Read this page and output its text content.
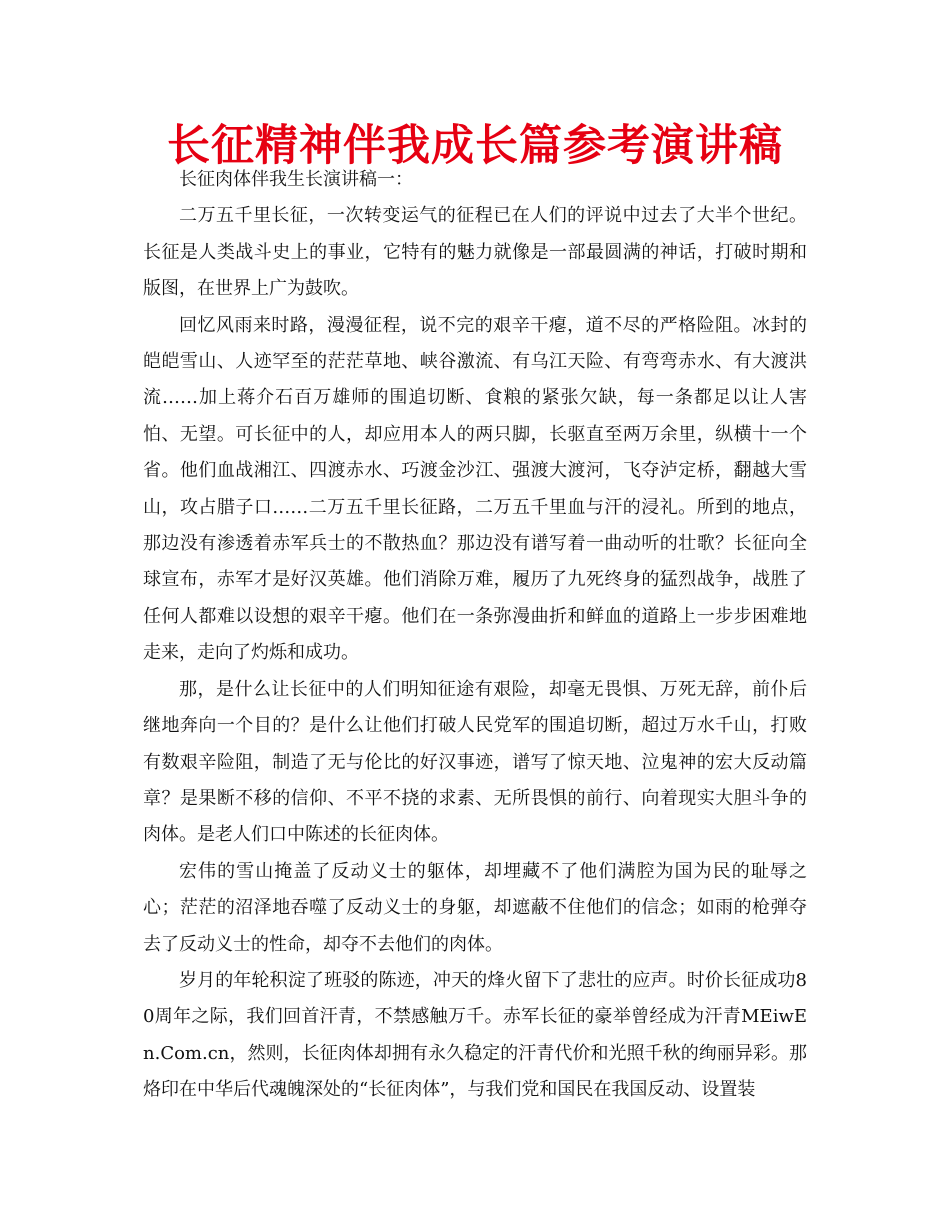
长征精神伴我成长篇参考演讲稿

长征肉体伴我生长演讲稿一：

二万五千里长征，一次转变运气的征程已在人们的评说中过去了大半个世纪。长征是人类战斗史上的事业，它特有的魅力就像是一部最圆满的神话，打破时期和版图，在世界上广为鼓吹。

回忆风雨来时路，漫漫征程，说不完的艰辛干瘪，道不尽的严格险阻。冰封的皑皑雪山、人迹罕至的茫茫草地、峡谷激流、有乌江天险、有弯弯赤水、有大渡洪流……加上蒋介石百万雄师的围追切断、食粮的紧张欠缺，每一条都足以让人害怕、无望。可长征中的人，却应用本人的两只脚，长驱直至两万余里，纵横十一个省。他们血战湘江、四渡赤水、巧渡金沙江、强渡大渡河，飞夺泸定桥，翻越大雪山，攻占腊子口……二万五千里长征路，二万五千里血与汗的浸礼。所到的地点，那边没有渗透着赤军兵士的不散热血？那边没有谱写着一曲动听的壮歌？长征向全球宣布，赤军才是好汉英雄。他们消除万难，履历了九死终身的猛烈战争，战胜了任何人都难以设想的艰辛干瘪。他们在一条弥漫曲折和鲜血的道路上一步步困难地走来，走向了灼烁和成功。

那，是什么让长征中的人们明知征途有艰险，却毫无畏惧、万死无辞，前仆后继地奔向一个目的？是什么让他们打破人民党军的围追切断，超过万水千山，打败有数艰辛险阻，制造了无与伦比的好汉事迹，谱写了惊天地、泣鬼神的宏大反动篇章？是果断不移的信仰、不平不挠的求素、无所畏惧的前行、向着现实大胆斗争的肉体。是老人们口中陈述的长征肉体。

宏伟的雪山掩盖了反动义士的躯体，却埋藏不了他们满腔为国为民的耻辱之心；茫茫的沼泽地吞噬了反动义士的身躯，却遮蔽不住他们的信念；如雨的枪弹夺去了反动义士的性命，却夺不去他们的肉体。

岁月的年轮积淀了班驳的陈迹，冲天的烽火留下了悲壮的应声。时价长征成功80周年之际，我们回首汗青，不禁感触万千。赤军长征的豪举曾经成为汗青MEiwEn.Com.cn，然则，长征肉体却拥有永久稳定的汗青代价和光照千秋的绚丽异彩。那烙印在中华后代魂魄深处的“长征肉体”，与我们党和国民在我国反动、设置装
